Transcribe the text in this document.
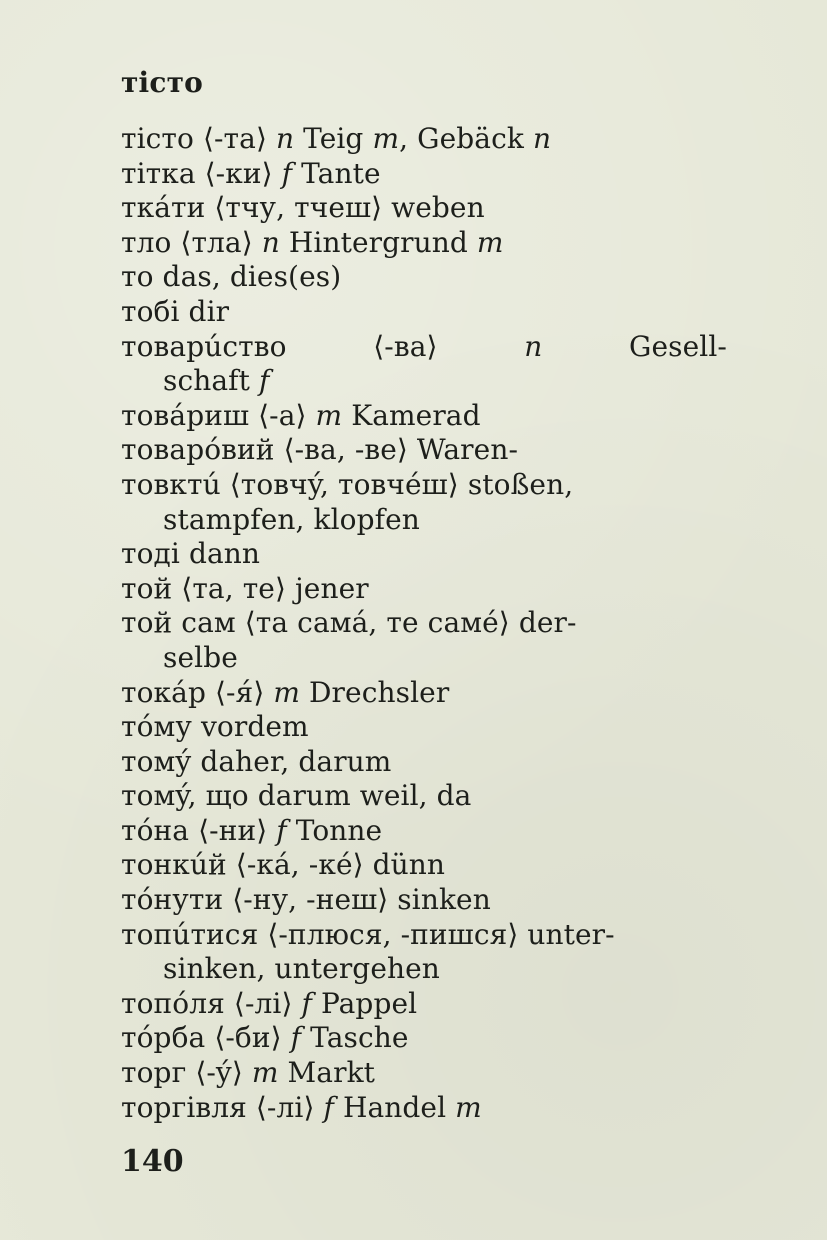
тісто
тісто ⟨-та⟩ n Teig m, Gebäck n
тітка ⟨-ки⟩ f Tante
ткáти ⟨тчу, тчеш⟩ weben
тло ⟨тла⟩ n Hintergrund m
то das, dies(es)
тобі dir
товарúство	⟨-ва⟩	n	Gesell-
schaft f
товáриш ⟨-а⟩ m Kamerad
товарóвий ⟨-ва, -ве⟩ Waren-
товктú ⟨товчý, товчéш⟩ stoßen,
stampfen, klopfen
тоді dann
той ⟨та, те⟩ jener
той сам ⟨та самá, те самé⟩ der-
selbe
токáр ⟨-я́⟩ m Drechsler
тóму vordem
томý daher, darum
томý, що darum weil, da
тóна ⟨-ни⟩ f Tonne
тонкúй ⟨-кá, -кé⟩ dünn
тóнути ⟨-ну, -неш⟩ sinken
топúтися ⟨-плюся, -пишся⟩ unter-
sinken, untergehen
топóля ⟨-лі⟩ f Pappel
тóрба ⟨-би⟩ f Tasche
торг ⟨-ý⟩ m Markt
торгівля ⟨-лі⟩ f Handel m
140
